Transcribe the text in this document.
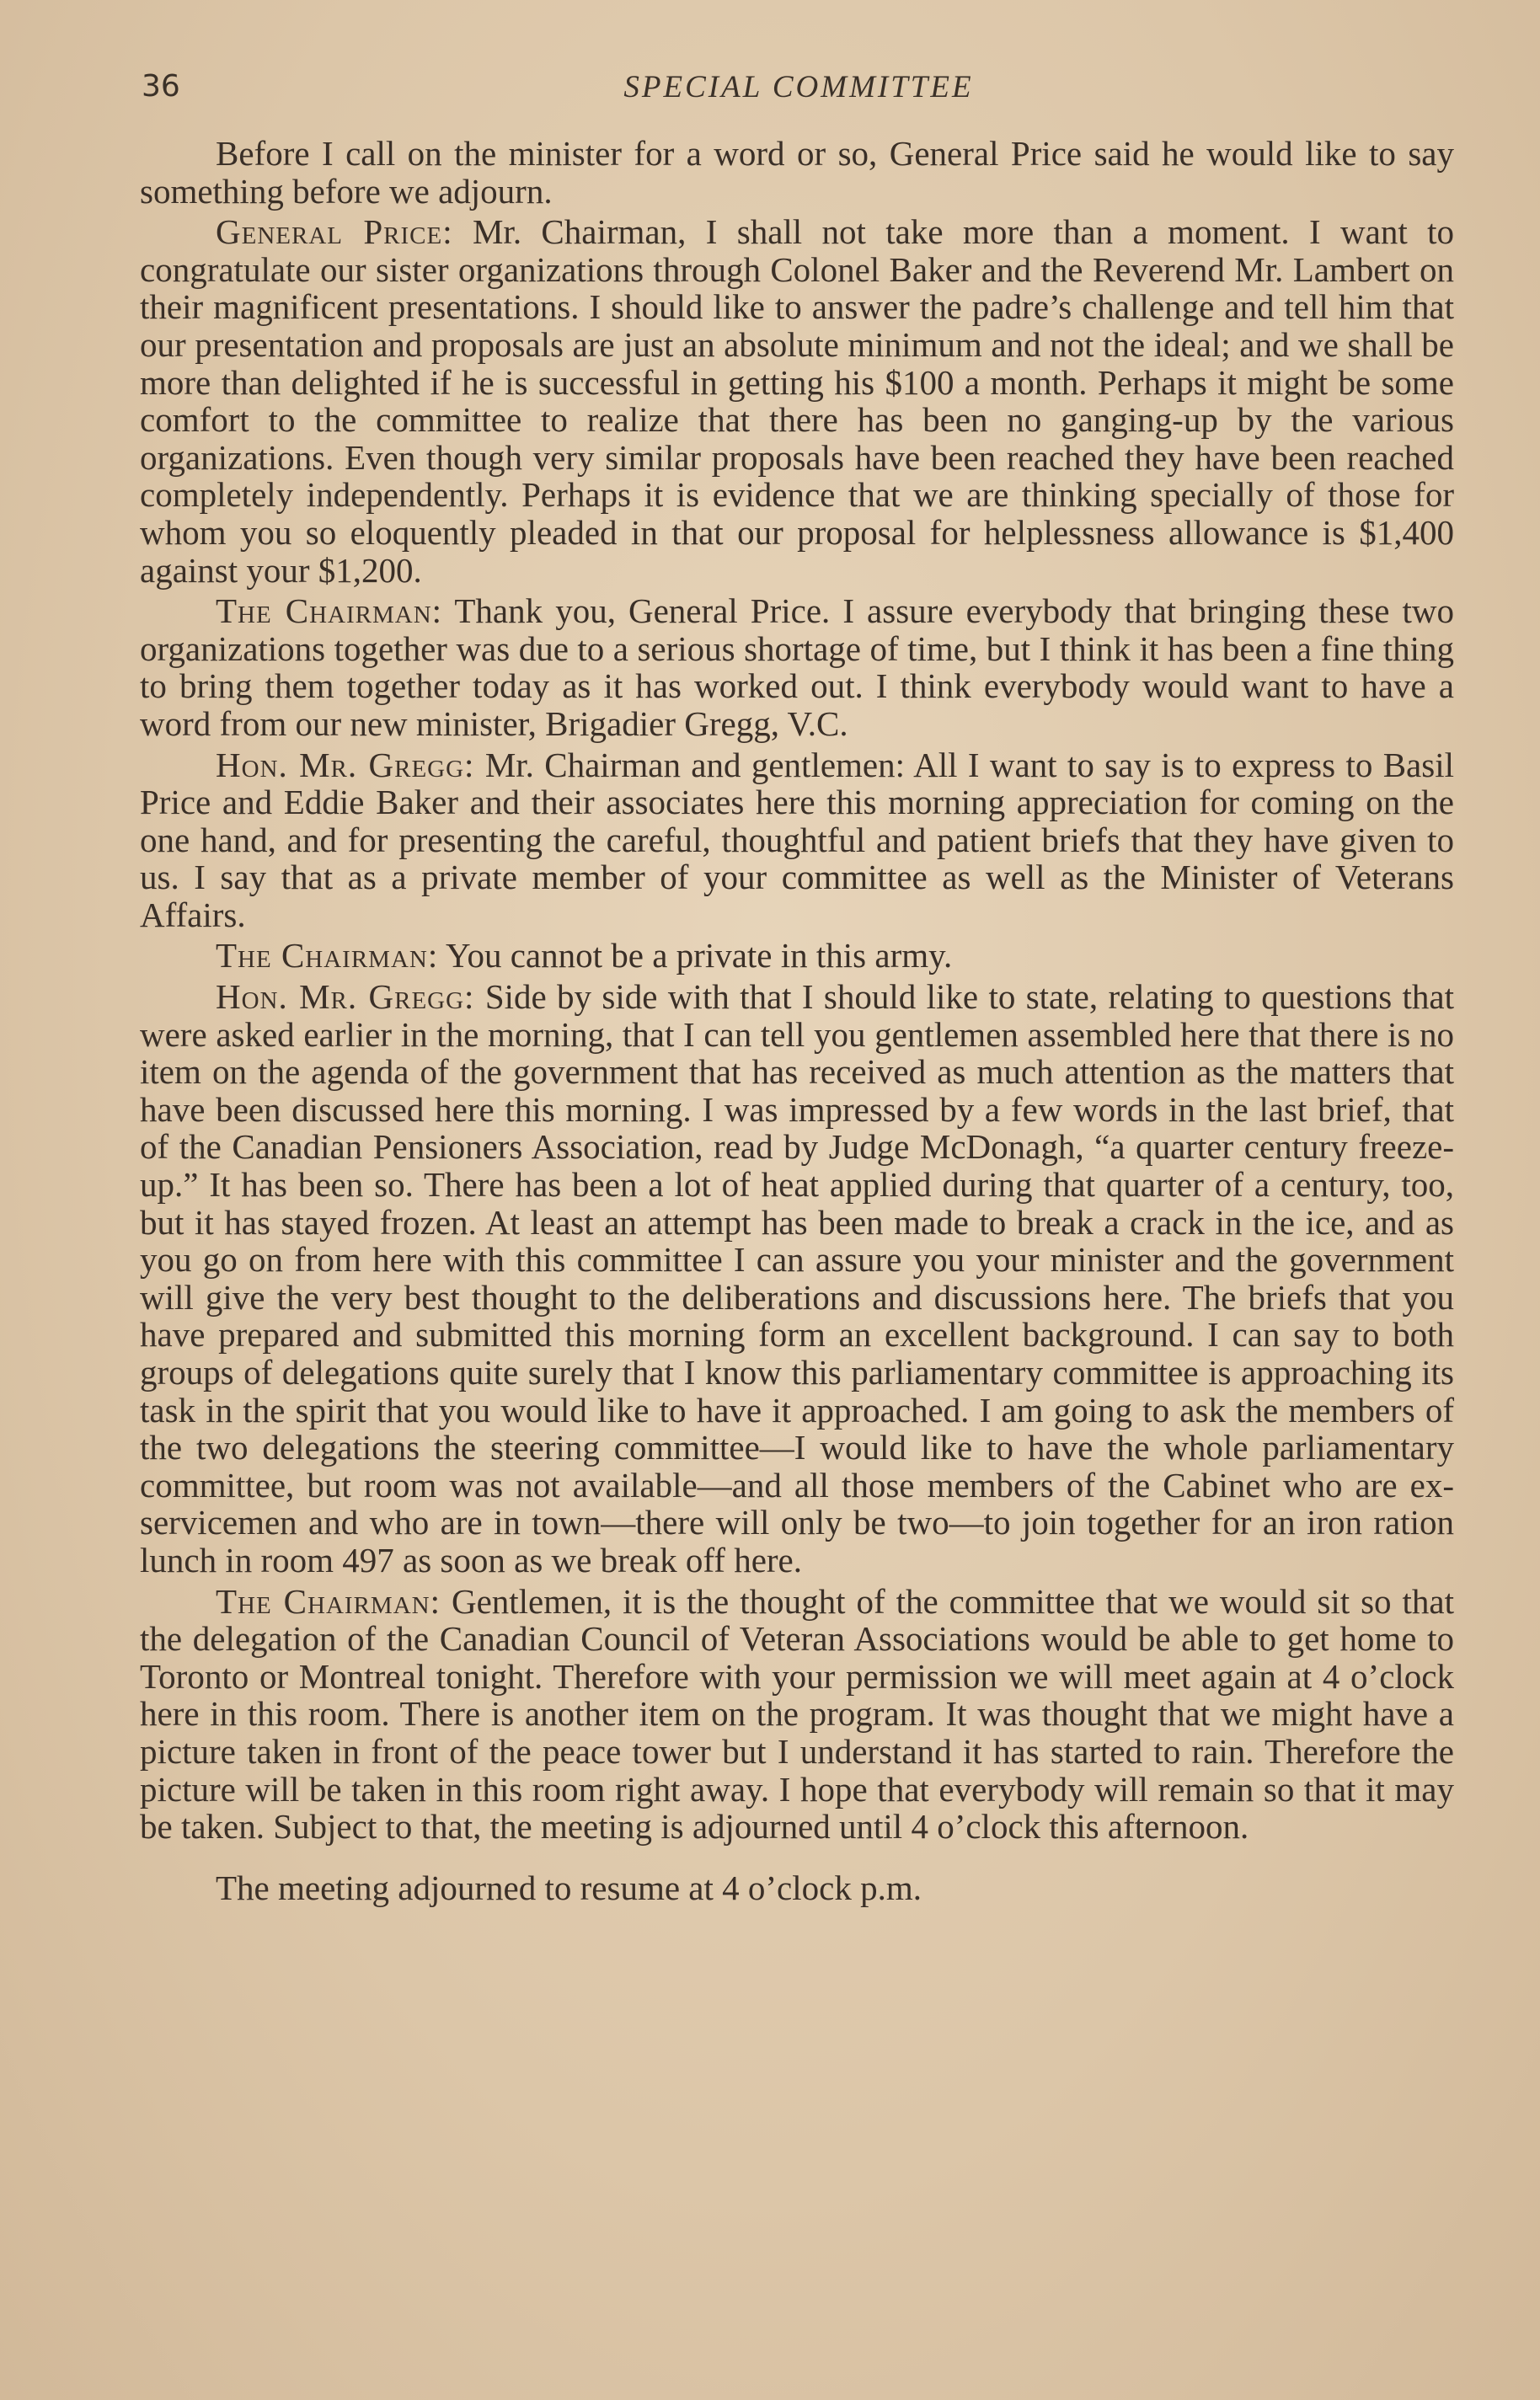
36	SPECIAL COMMITTEE

Before I call on the minister for a word or so, General Price said he would like to say something before we adjourn.

General Price: Mr. Chairman, I shall not take more than a moment. I want to congratulate our sister organizations through Colonel Baker and the Reverend Mr. Lambert on their magnificent presentations. I should like to answer the padre’s challenge and tell him that our presentation and proposals are just an absolute minimum and not the ideal; and we shall be more than delighted if he is successful in getting his $100 a month. Perhaps it might be some comfort to the committee to realize that there has been no ganging-up by the various organizations. Even though very similar proposals have been reached they have been reached completely independently. Perhaps it is evidence that we are thinking specially of those for whom you so eloquently pleaded in that our proposal for helplessness allowance is $1,400 against your $1,200.

The Chairman: Thank you, General Price. I assure everybody that bringing these two organizations together was due to a serious shortage of time, but I think it has been a fine thing to bring them together today as it has worked out. I think everybody would want to have a word from our new minister, Brigadier Gregg, V.C.

Hon. Mr. Gregg: Mr. Chairman and gentlemen: All I want to say is to express to Basil Price and Eddie Baker and their associates here this morning appreciation for coming on the one hand, and for presenting the careful, thoughtful and patient briefs that they have given to us. I say that as a private member of your committee as well as the Minister of Veterans Affairs.

The Chairman: You cannot be a private in this army.

Hon. Mr. Gregg: Side by side with that I should like to state, relating to questions that were asked earlier in the morning, that I can tell you gentlemen assembled here that there is no item on the agenda of the government that has received as much attention as the matters that have been discussed here this morning. I was impressed by a few words in the last brief, that of the Canadian Pensioners Association, read by Judge McDonagh, “a quarter century freeze-up.” It has been so. There has been a lot of heat applied during that quarter of a century, too, but it has stayed frozen. At least an attempt has been made to break a crack in the ice, and as you go on from here with this committee I can assure you your minister and the government will give the very best thought to the deliberations and discussions here. The briefs that you have prepared and submitted this morning form an excellent background. I can say to both groups of delegations quite surely that I know this parliamentary committee is approaching its task in the spirit that you would like to have it approached. I am going to ask the members of the two delegations the steering committee—I would like to have the whole parliamentary committee, but room was not available—and all those members of the Cabinet who are ex-servicemen and who are in town—there will only be two—to join together for an iron ration lunch in room 497 as soon as we break off here.

The Chairman: Gentlemen, it is the thought of the committee that we would sit so that the delegation of the Canadian Council of Veteran Associations would be able to get home to Toronto or Montreal tonight. Therefore with your permission we will meet again at 4 o’clock here in this room. There is another item on the program. It was thought that we might have a picture taken in front of the peace tower but I understand it has started to rain. Therefore the picture will be taken in this room right away. I hope that everybody will remain so that it may be taken. Subject to that, the meeting is adjourned until 4 o’clock this afternoon.

The meeting adjourned to resume at 4 o’clock p.m.
